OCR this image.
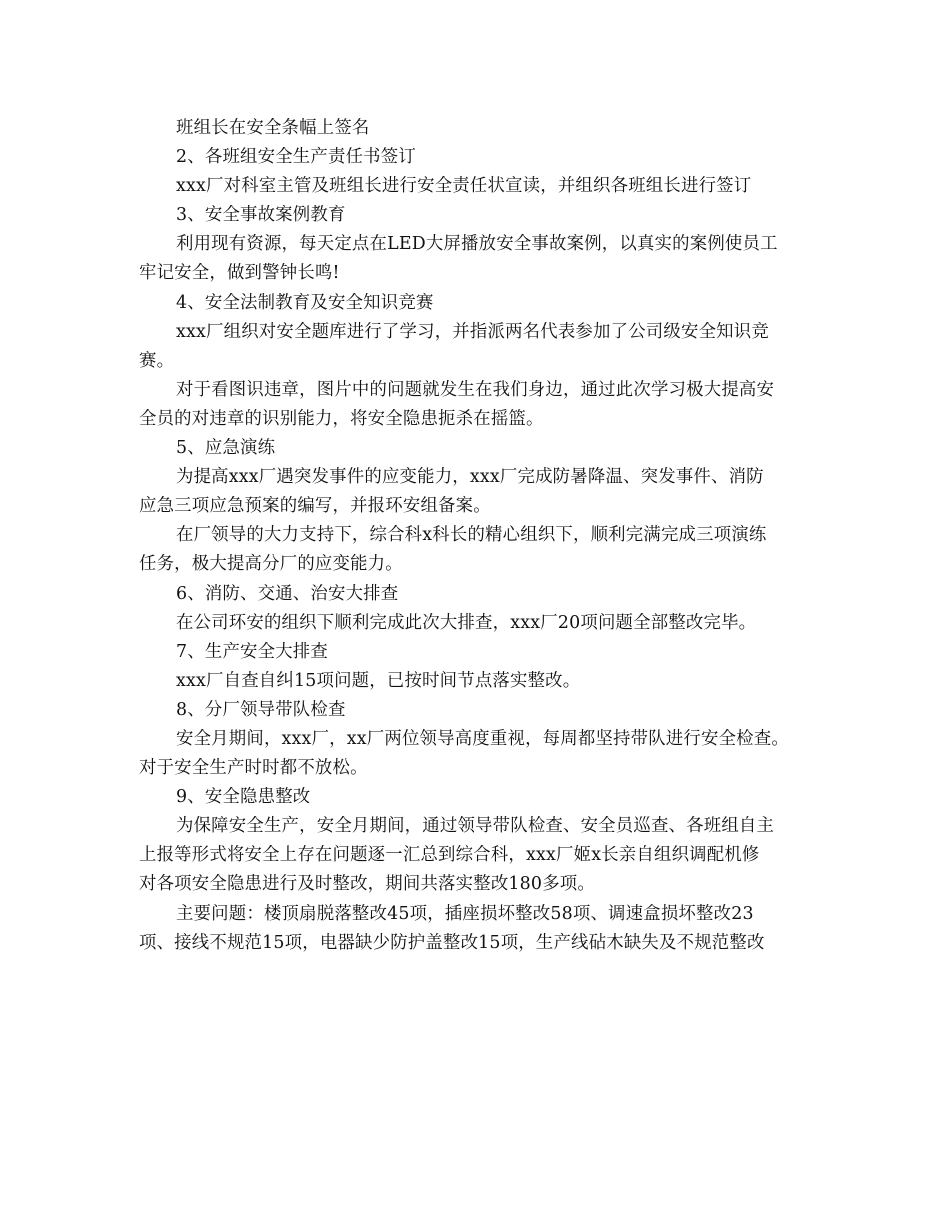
班组长在安全条幅上签名
2、各班组安全生产责任书签订
xxx厂对科室主管及班组长进行安全责任状宣读，并组织各班组长进行签订
3、安全事故案例教育
利用现有资源，每天定点在LED大屏播放安全事故案例，以真实的案例使员工
牢记安全，做到警钟长鸣!
4、安全法制教育及安全知识竞赛
xxx厂组织对安全题库进行了学习，并指派两名代表参加了公司级安全知识竞
赛。
对于看图识违章，图片中的问题就发生在我们身边，通过此次学习极大提高安
全员的对违章的识别能力，将安全隐患扼杀在摇篮。
5、应急演练
为提高xxx厂遇突发事件的应变能力，xxx厂完成防暑降温、突发事件、消防
应急三项应急预案的编写，并报环安组备案。
在厂领导的大力支持下，综合科x科长的精心组织下，顺利完满完成三项演练
任务，极大提高分厂的应变能力。
6、消防、交通、治安大排查
在公司环安的组织下顺利完成此次大排查，xxx厂20项问题全部整改完毕。
7、生产安全大排查
xxx厂自查自纠15项问题，已按时间节点落实整改。
8、分厂领导带队检查
安全月期间，xxx厂，xx厂两位领导高度重视，每周都坚持带队进行安全检查。
对于安全生产时时都不放松。
9、安全隐患整改
为保障安全生产，安全月期间，通过领导带队检查、安全员巡查、各班组自主
上报等形式将安全上存在问题逐一汇总到综合科，xxx厂姬x长亲自组织调配机修
对各项安全隐患进行及时整改，期间共落实整改180多项。
主要问题：楼顶扇脱落整改45项，插座损坏整改58项、调速盒损坏整改23
项、接线不规范15项，电器缺少防护盖整改15项，生产线砧木缺失及不规范整改
